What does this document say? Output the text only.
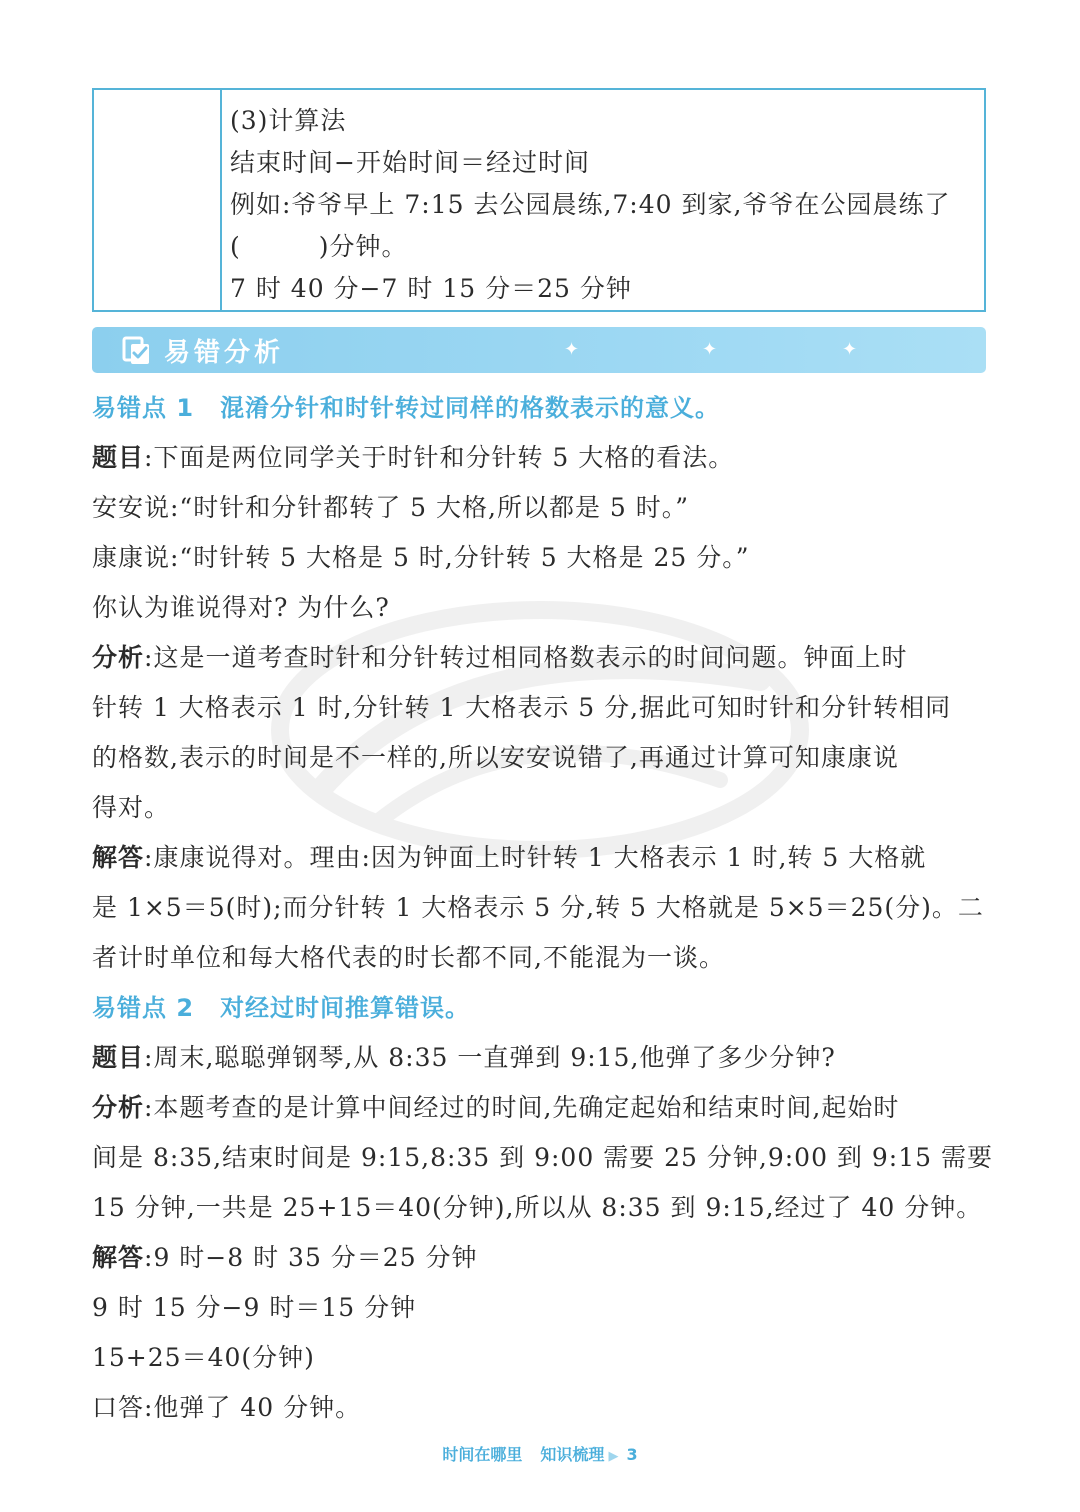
(3)计算法
结束时间−开始时间＝经过时间
例如:爷爷早上 7:15 去公园晨练,7:40 到家,爷爷在公园晨练了
(　　　)分钟。
7 时 40 分−7 时 15 分＝25 分钟
易错分析	✦	✦	✦
易错点 1 混淆分针和时针转过同样的格数表示的意义。
题目:下面是两位同学关于时针和分针转 5 大格的看法。
安安说:“时针和分针都转了 5 大格,所以都是 5 时。”
康康说:“时针转 5 大格是 5 时,分针转 5 大格是 25 分。”
你认为谁说得对? 为什么?
分析:这是一道考查时针和分针转过相同格数表示的时间问题。钟面上时
针转 1 大格表示 1 时,分针转 1 大格表示 5 分,据此可知时针和分针转相同
的格数,表示的时间是不一样的,所以安安说错了,再通过计算可知康康说
得对。
解答:康康说得对。理由:因为钟面上时针转 1 大格表示 1 时,转 5 大格就
是 1×5＝5(时);而分针转 1 大格表示 5 分,转 5 大格就是 5×5＝25(分)。二
者计时单位和每大格代表的时长都不同,不能混为一谈。
易错点 2 对经过时间推算错误。
题目:周末,聪聪弹钢琴,从 8:35 一直弹到 9:15,他弹了多少分钟?
分析:本题考查的是计算中间经过的时间,先确定起始和结束时间,起始时
间是 8:35,结束时间是 9:15,8:35 到 9:00 需要 25 分钟,9:00 到 9:15 需要
15 分钟,一共是 25+15＝40(分钟),所以从 8:35 到 9:15,经过了 40 分钟。
解答:9 时−8 时 35 分＝25 分钟
9 时 15 分−9 时＝15 分钟
15+25＝40(分钟)
口答:他弹了 40 分钟。
时间在哪里 知识梳理 ▶ 3
